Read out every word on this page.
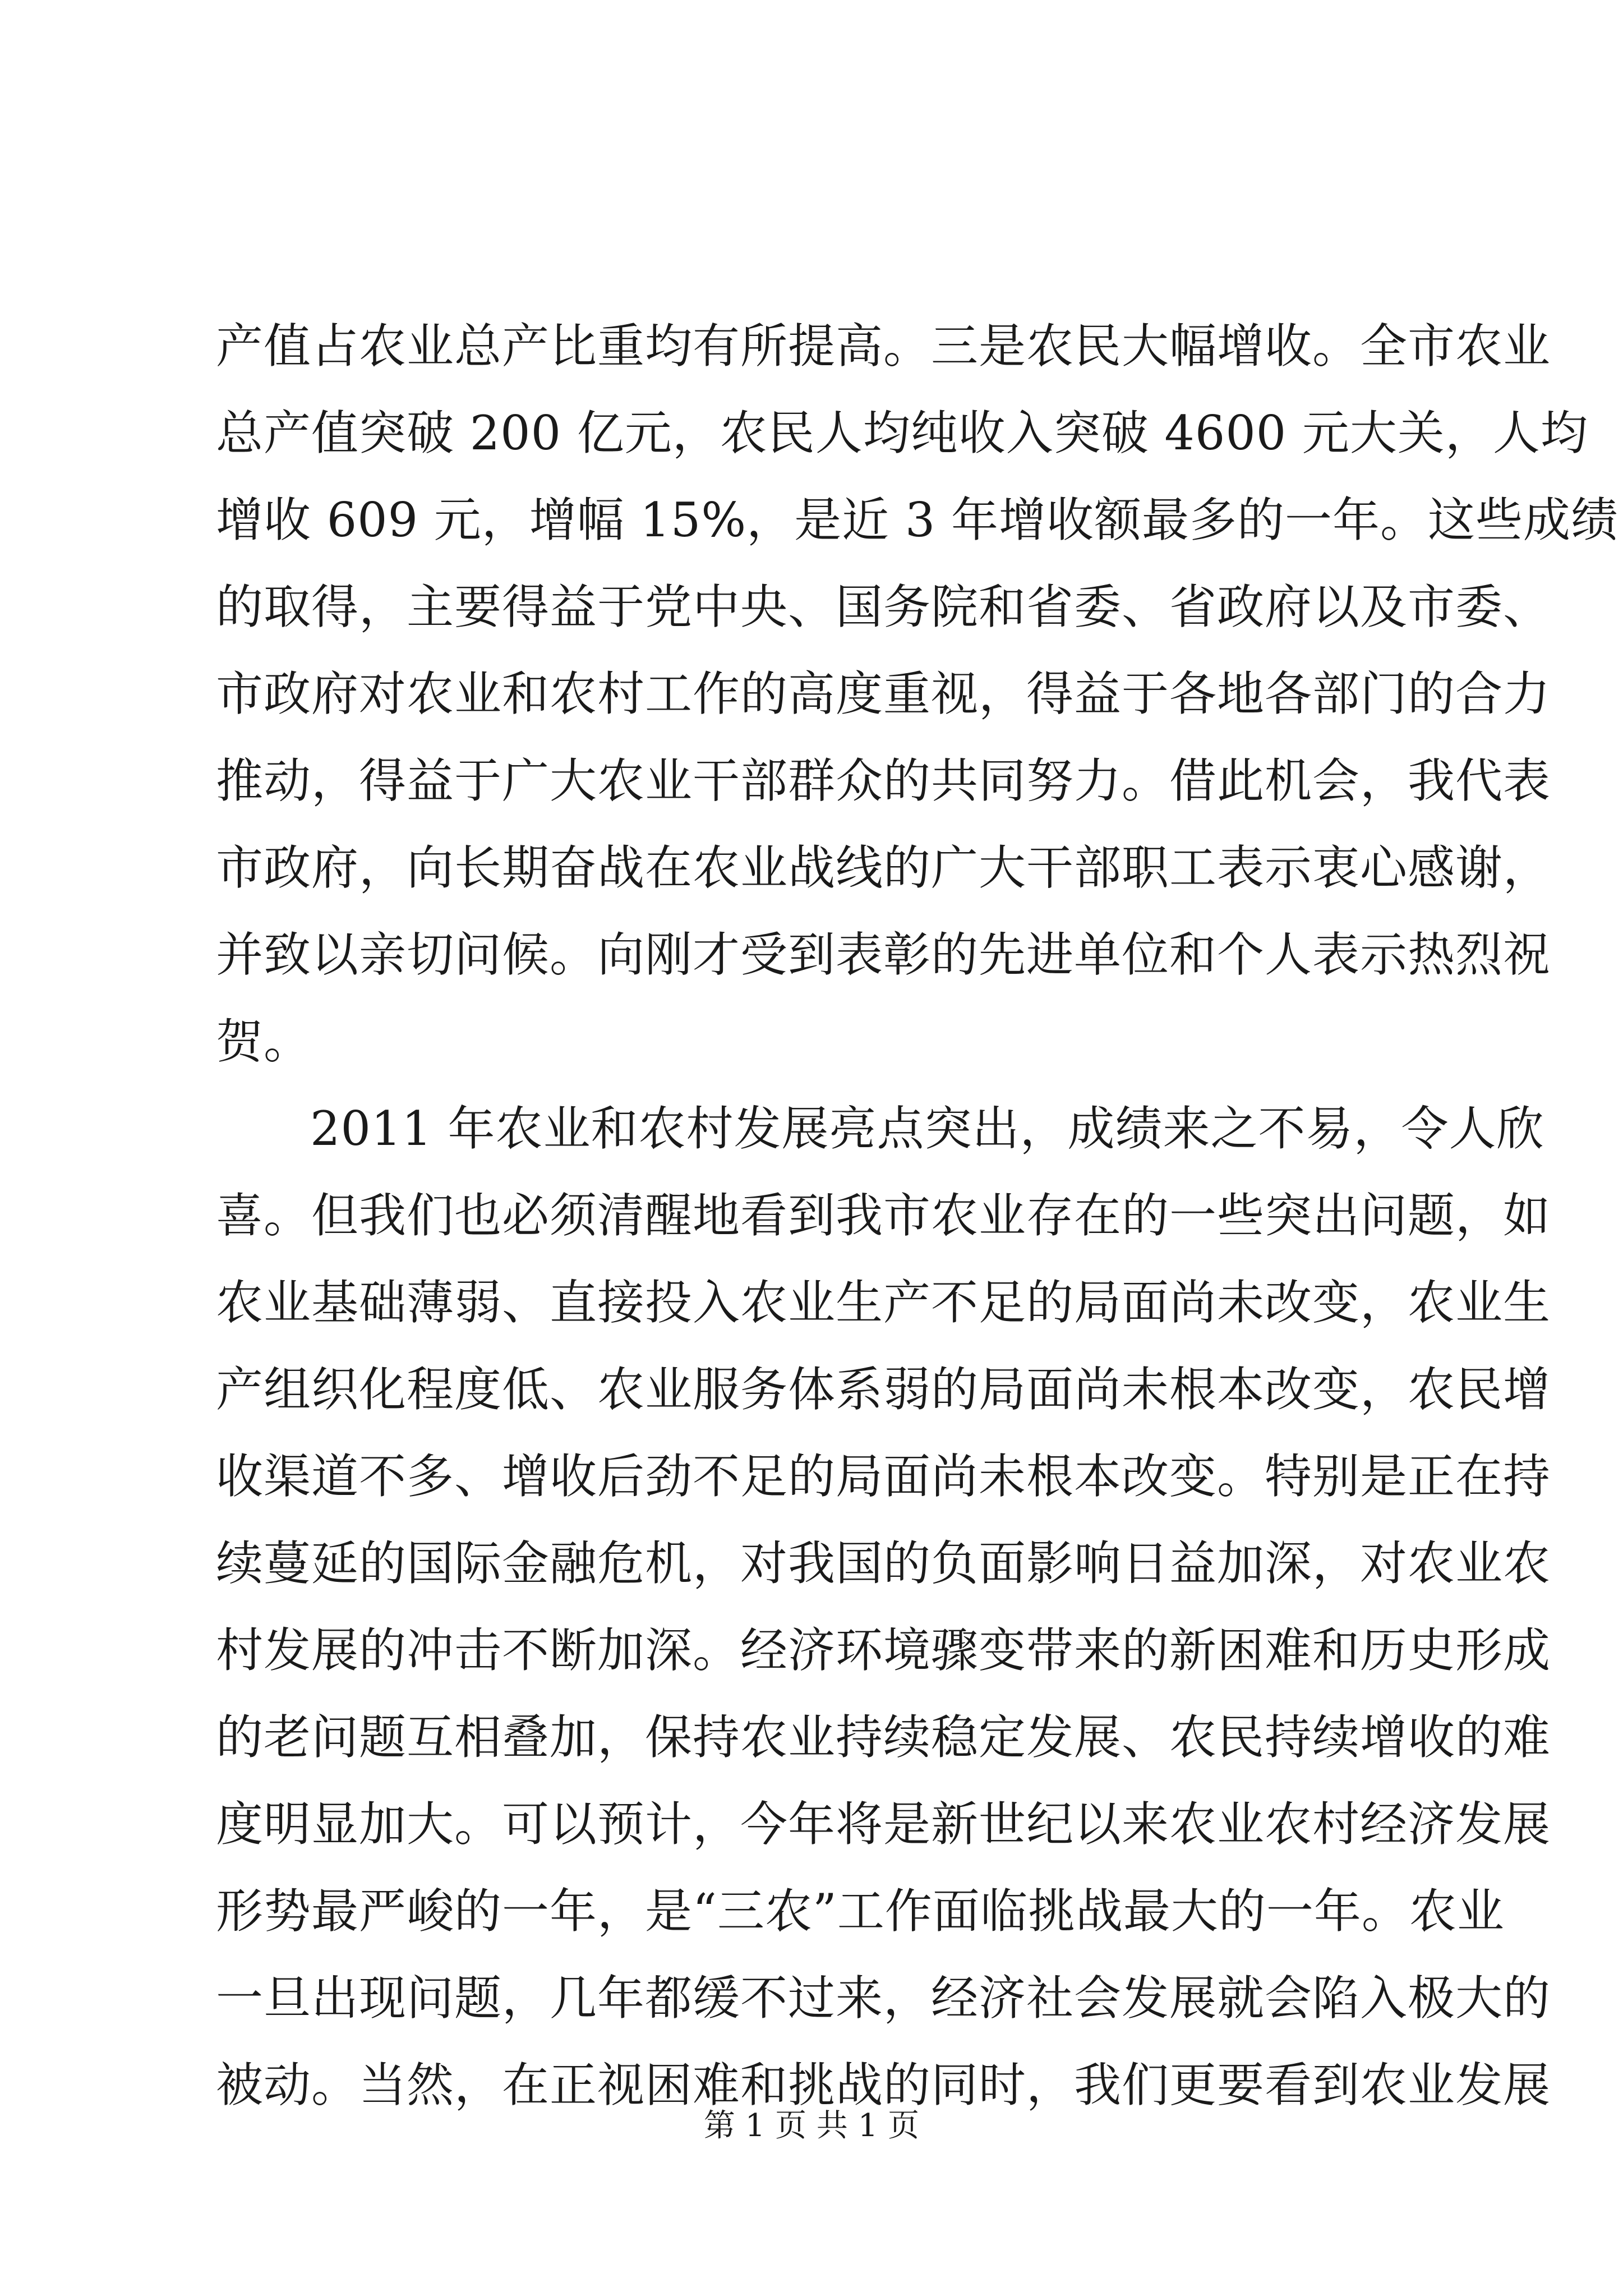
产值占农业总产比重均有所提高。三是农民大幅增收。全市农业
总产值突破 200 亿元，农民人均纯收入突破 4600 元大关，人均
增收 609 元，增幅 15%，是近 3 年增收额最多的一年。这些成绩
的取得，主要得益于党中央、国务院和省委、省政府以及市委、
市政府对农业和农村工作的高度重视，得益于各地各部门的合力
推动，得益于广大农业干部群众的共同努力。借此机会，我代表
市政府，向长期奋战在农业战线的广大干部职工表示衷心感谢，
并致以亲切问候。向刚才受到表彰的先进单位和个人表示热烈祝
贺。
2011 年农业和农村发展亮点突出，成绩来之不易，令人欣
喜。但我们也必须清醒地看到我市农业存在的一些突出问题，如
农业基础薄弱、直接投入农业生产不足的局面尚未改变，农业生
产组织化程度低、农业服务体系弱的局面尚未根本改变，农民增
收渠道不多、增收后劲不足的局面尚未根本改变。特别是正在持
续蔓延的国际金融危机，对我国的负面影响日益加深，对农业农
村发展的冲击不断加深。经济环境骤变带来的新困难和历史形成
的老问题互相叠加，保持农业持续稳定发展、农民持续增收的难
度明显加大。可以预计，今年将是新世纪以来农业农村经济发展
形势最严峻的一年，是“三农”工作面临挑战最大的一年。农业
一旦出现问题，几年都缓不过来，经济社会发展就会陷入极大的
被动。当然，在正视困难和挑战的同时，我们更要看到农业发展
第 1 页 共 1 页
